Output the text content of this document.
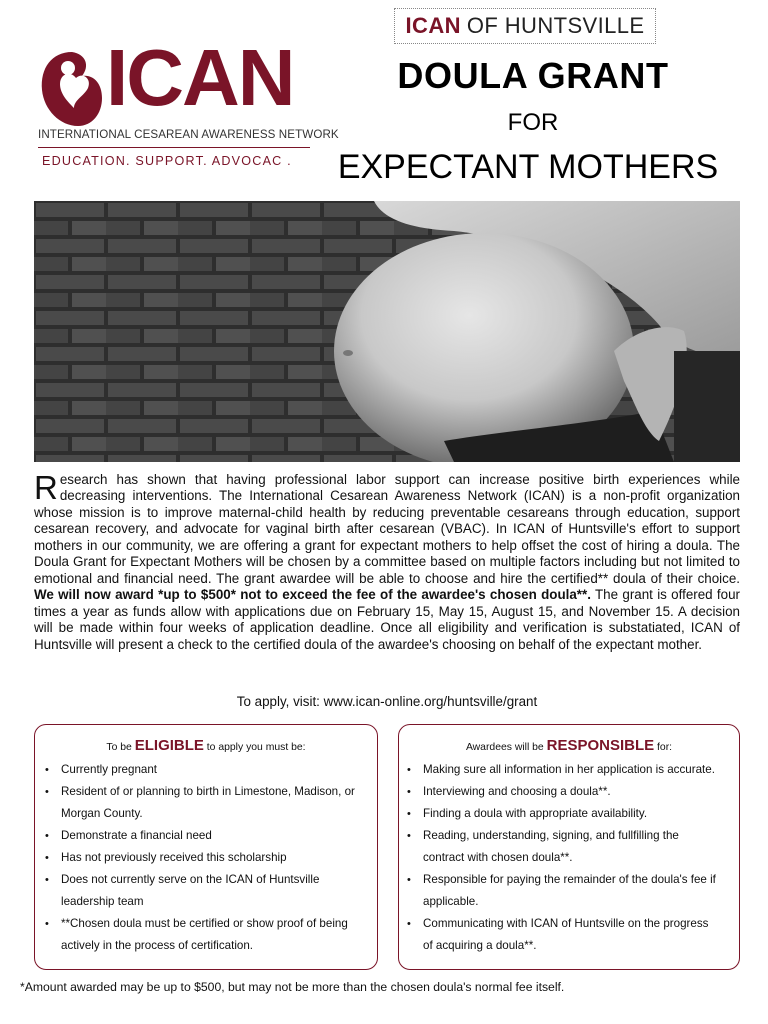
ICAN
INTERNATIONAL CESAREAN AWARENESS NETWORK
EDUCATION. SUPPORT. ADVOCAC .
ICAN OF HUNTSVILLE
DOULA GRANT
FOR
EXPECTANT MOTHERS
Research has shown that having professional labor support can increase positive birth experiences while decreasing interventions. The International Cesarean Awareness Network (ICAN) is a non-profit organization whose mission is to improve maternal-child health by reducing preventable cesareans through education, support cesarean recovery, and advocate for vaginal birth after cesarean (VBAC). In ICAN of Huntsville's effort to support mothers in our community, we are offering a grant for expectant mothers to help offset the cost of hiring a doula. The Doula Grant for Expectant Mothers will be chosen by a committee based on multiple factors including but not limited to emotional and financial need. The grant awardee will be able to choose and hire the certified** doula of their choice. We will now award *up to $500* not to exceed the fee of the awardee's chosen doula**. The grant is offered four times a year as funds allow with applications due on February 15, May 15, August 15, and November 15. A decision will be made within four weeks of application deadline. Once all eligibility and verification is substatiated, ICAN of Huntsville will present a check to the certified doula of the awardee's choosing on behalf of the expectant mother.
To apply, visit: www.ican-online.org/huntsville/grant
To be ELIGIBLE to apply you must be:
• Currently pregnant
• Resident of or planning to birth in Limestone, Madison, or Morgan County.
• Demonstrate a financial need
• Has not previously received this scholarship
• Does not currently serve on the ICAN of Huntsville leadership team
• **Chosen doula must be certified or show proof of being actively in the process of certification.
Awardees will be RESPONSIBLE for:
• Making sure all information in her application is accurate.
• Interviewing and choosing a doula**.
• Finding a doula with appropriate availability.
• Reading, understanding, signing, and fullfilling the contract with chosen doula**.
• Responsible for paying the remainder of the doula's fee if applicable.
• Communicating with ICAN of Huntsville on the progress of acquiring a doula**.
*Amount awarded may be up to $500, but may not be more than the chosen doula's normal fee itself.
